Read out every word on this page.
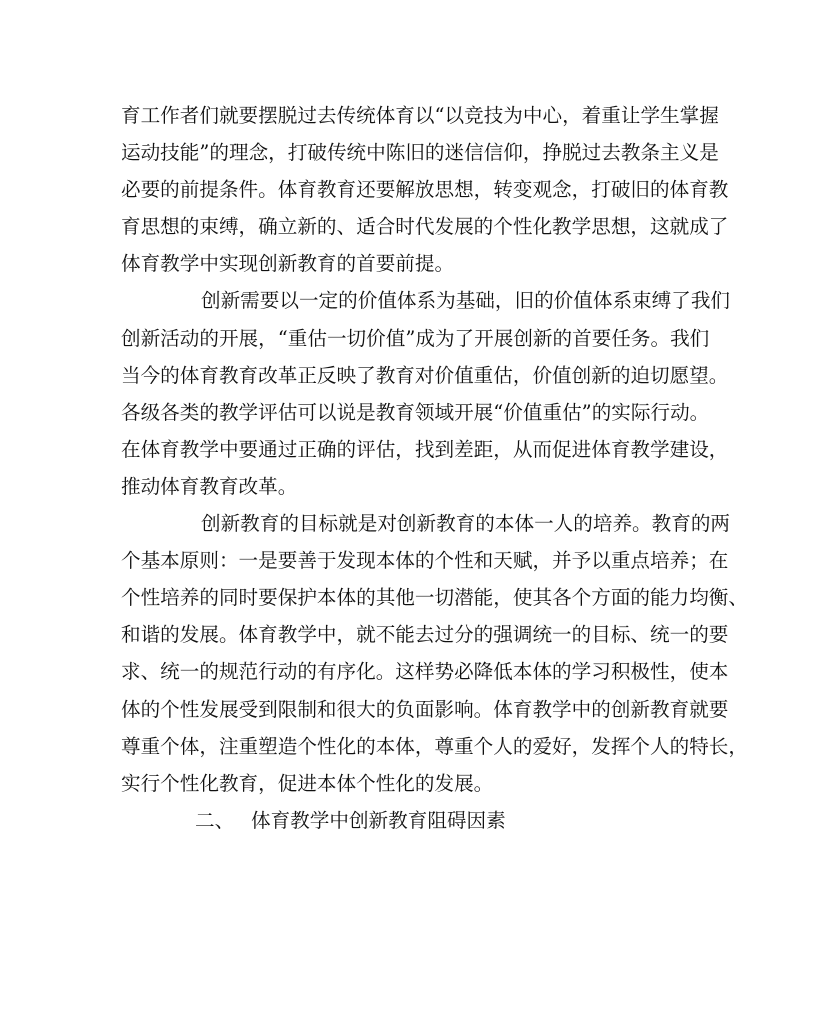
育工作者们就要摆脱过去传统体育以“以竞技为中心，着重让学生掌握
运动技能”的理念，打破传统中陈旧的迷信信仰，挣脱过去教条主义是
必要的前提条件。体育教育还要解放思想，转变观念，打破旧的体育教
育思想的束缚，确立新的、适合时代发展的个性化教学思想，这就成了
体育教学中实现创新教育的首要前提。
创新需要以一定的价值体系为基础，旧的价值体系束缚了我们
创新活动的开展，“重估一切价值”成为了开展创新的首要任务。我们
当今的体育教育改革正反映了教育对价值重估，价值创新的迫切愿望。
各级各类的教学评估可以说是教育领域开展“价值重估”的实际行动。
在体育教学中要通过正确的评估，找到差距，从而促进体育教学建设，
推动体育教育改革。
创新教育的目标就是对创新教育的本体一人的培养。教育的两
个基本原则：一是要善于发现本体的个性和天赋，并予以重点培养；在
个性培养的同时要保护本体的其他一切潜能，使其各个方面的能力均衡、
和谐的发展。体育教学中，就不能去过分的强调统一的目标、统一的要
求、统一的规范行动的有序化。这样势必降低本体的学习积极性，使本
体的个性发展受到限制和很大的负面影响。体育教学中的创新教育就要
尊重个体，注重塑造个性化的本体，尊重个人的爱好，发挥个人的特长，
实行个性化教育，促进本体个性化的发展。
二、 体育教学中创新教育阻碍因素
